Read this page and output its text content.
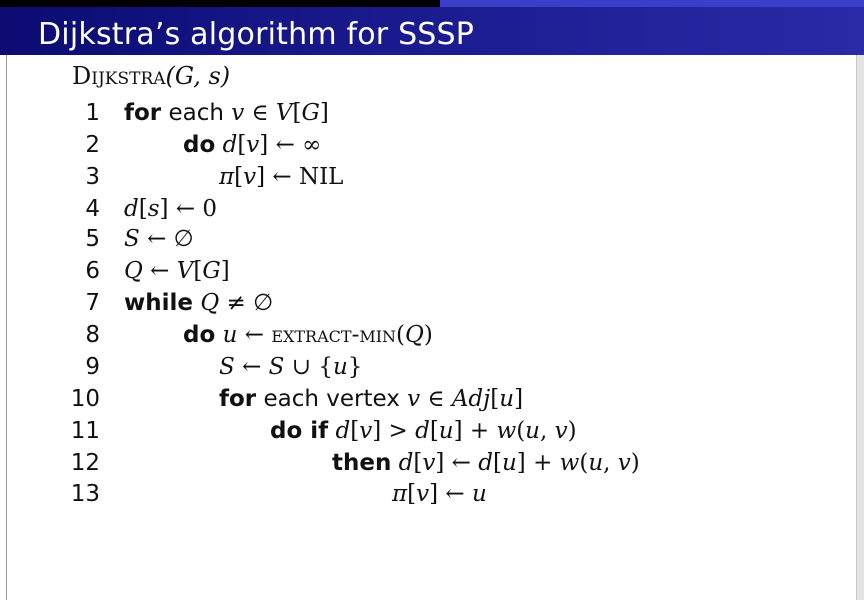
Dijkstra’s algorithm for SSSP
Dijkstra(G, s)
1 for each v ∈ V[G]
2	do d[v] ← ∞
3	π[v] ← NIL
4 d[s] ← 0
5 S ← ∅
6 Q ← V[G]
7 while Q ≠ ∅
8	do u ← extract-min(Q)
9	S ← S ∪ {u}
10	for each vertex v ∈ Adj[u]
11	do if d[v] > d[u] + w(u, v)
12	then d[v] ← d[u] + w(u, v)
13	π[v] ← u
